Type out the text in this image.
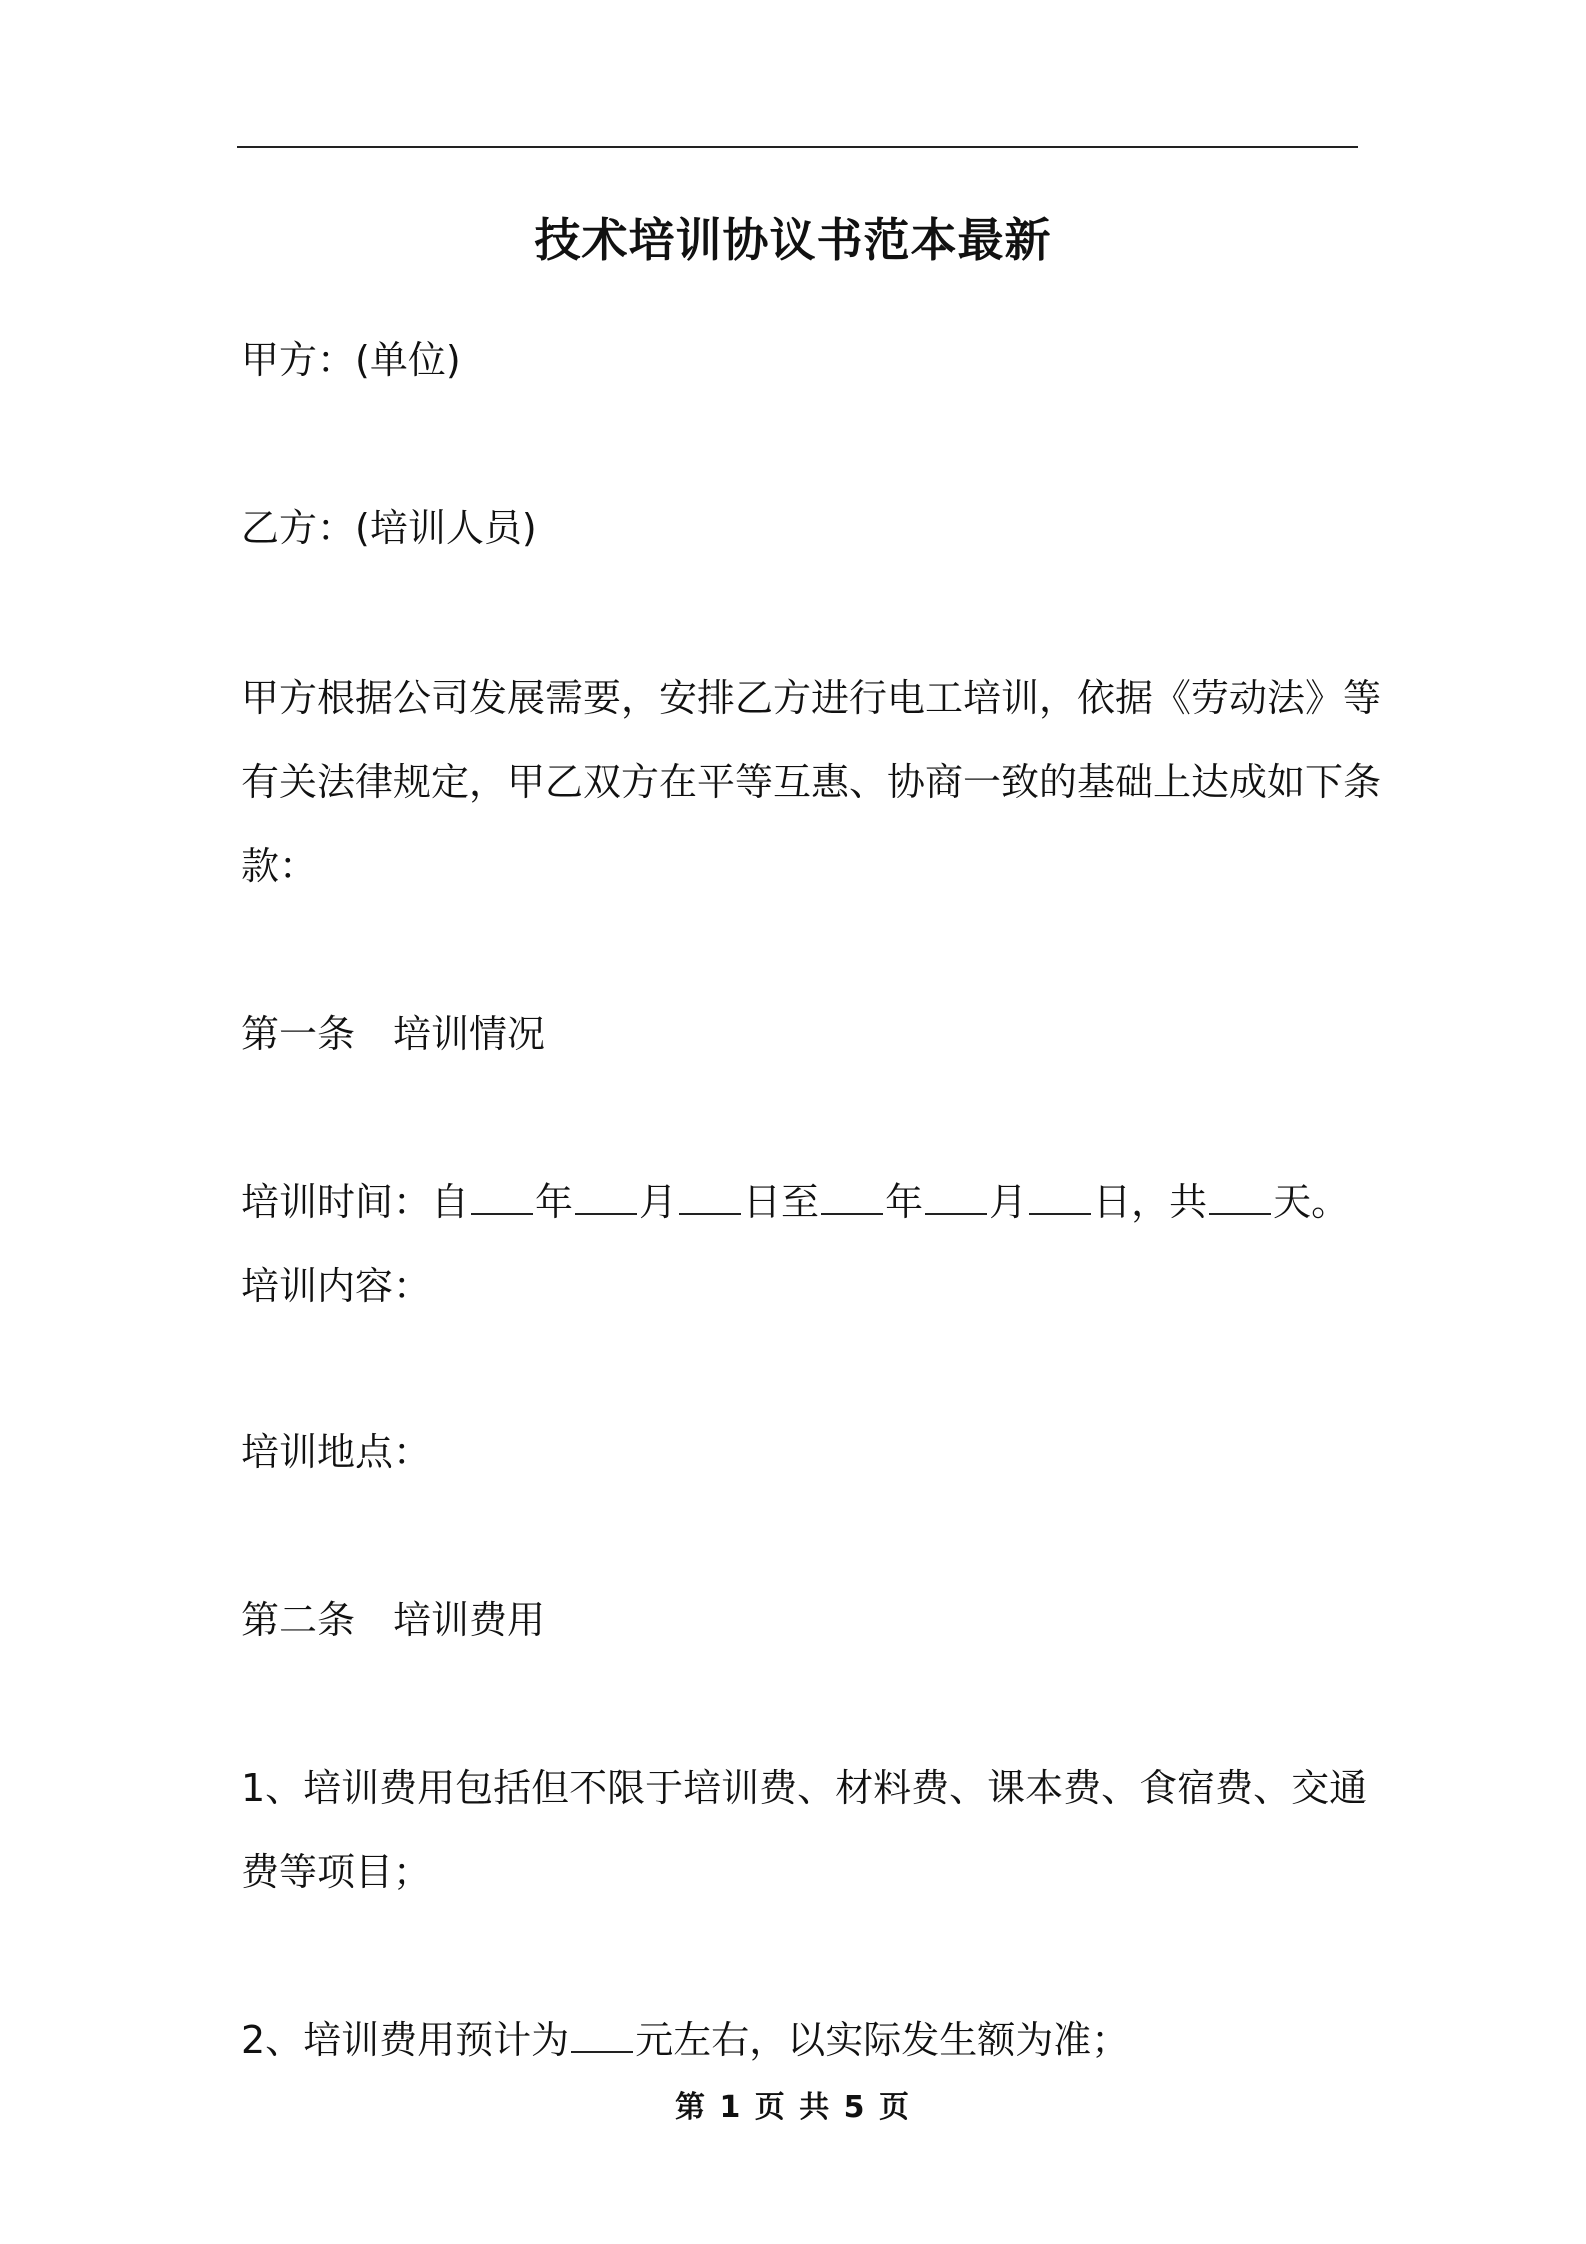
技术培训协议书范本最新
甲方：(单位)
乙方：(培训人员)
甲方根据公司发展需要，安排乙方进行电工培训，依据《劳动法》等
有关法律规定，甲乙双方在平等互惠、协商一致的基础上达成如下条
款：
第一条　培训情况
培训时间：自 年 月 日至 年 月 日，共 天。
培训内容：
培训地点：
第二条　培训费用
1、培训费用包括但不限于培训费、材料费、课本费、食宿费、交通
费等项目；
2、培训费用预计为 元左右，以实际发生额为准；
第 1 页 共 5 页
